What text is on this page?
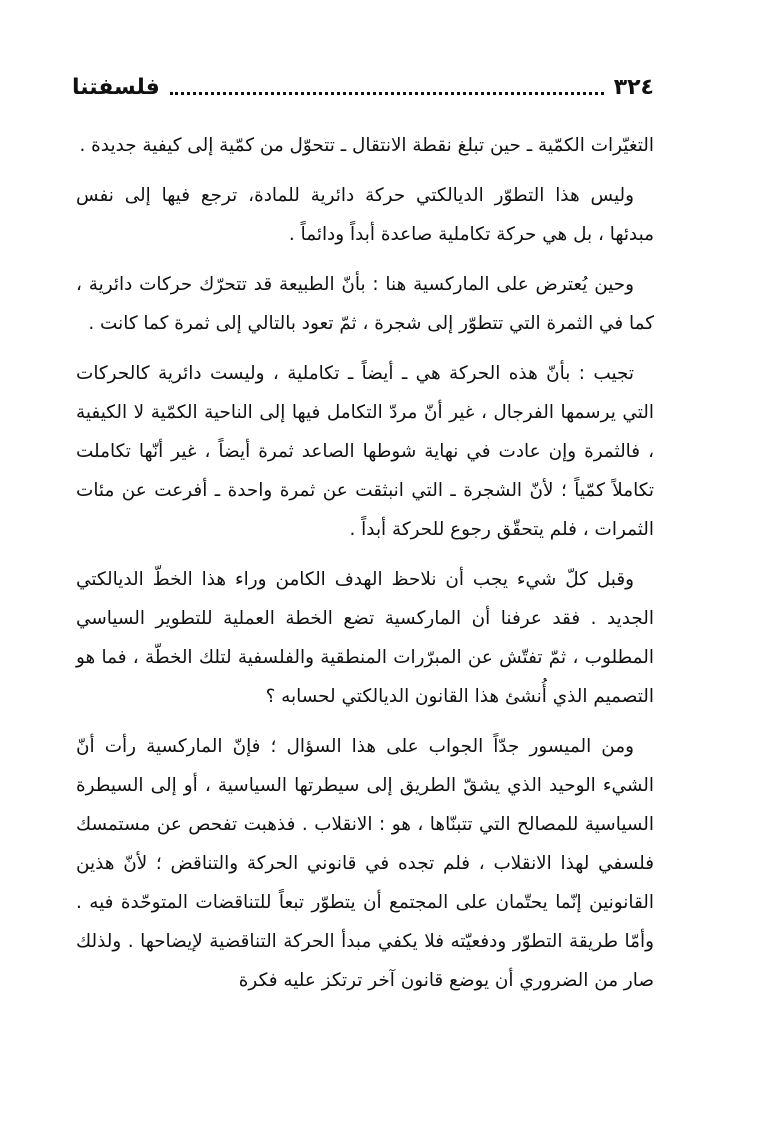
٣٢٤
فلسفتنا

التغيّرات الكمّية ـ حين تبلغ نقطة الانتقال ـ تتحوّل من كمّية إلى كيفية جديدة .

وليس هذا التطوّر الديالكتي حركة دائرية للمادة، ترجع فيها إلى نفس مبدئها ، بل هي حركة تكاملية صاعدة أبداً ودائماً .

وحين يُعترض على الماركسية هنا : بأنّ الطبيعة قد تتحرّك حركات دائرية ، كما في الثمرة التي تتطوّر إلى شجرة ، ثمّ تعود بالتالي إلى ثمرة كما كانت .

تجيب : بأنّ هذه الحركة هي ـ أيضاً ـ تكاملية ، وليست دائرية كالحركات التي يرسمها الفرجال ، غير أنّ مردّ التكامل فيها إلى الناحية الكمّية لا الكيفية ، فالثمرة وإن عادت في نهاية شوطها الصاعد ثمرة أيضاً ، غير أنّها تكاملت تكاملاً كمّياً ؛ لأنّ الشجرة ـ التي انبثقت عن ثمرة واحدة ـ أفرعت عن مئات الثمرات ، فلم يتحقّق رجوع للحركة أبداً .

وقبل كلّ شيء يجب أن نلاحظ الهدف الكامن وراء هذا الخطّ الديالكتي الجديد . فقد عرفنا أن الماركسية تضع الخطة العملية للتطوير السياسي المطلوب ، ثمّ تفتّش عن المبرّرات المنطقية والفلسفية لتلك الخطّة ، فما هو التصميم الذي أُنشئ هذا القانون الديالكتي لحسابه ؟

ومن الميسور جدّاً الجواب على هذا السؤال ؛ فإنّ الماركسية رأت أنّ الشيء الوحيد الذي يشقّ الطريق إلى سيطرتها السياسية ، أو إلى السيطرة السياسية للمصالح التي تتبنّاها ، هو : الانقلاب . فذهبت تفحص عن مستمسك فلسفي لهذا الانقلاب ، فلم تجده في قانوني الحركة والتناقض ؛ لأنّ هذين القانونين إنّما يحتّمان على المجتمع أن يتطوّر تبعاً للتناقضات المتوحّدة فيه . وأمّا طريقة التطوّر ودفعيّته فلا يكفي مبدأ الحركة التناقضية لإيضاحها . ولذلك صار من الضروري أن يوضع قانون آخر ترتكز عليه فكرة
